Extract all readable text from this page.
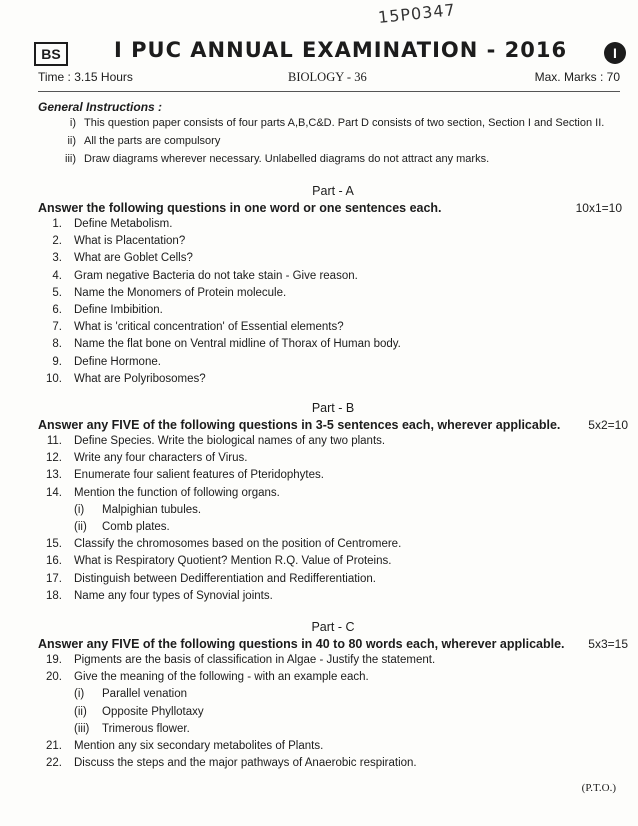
15P0347
BS	I PUC ANNUAL EXAMINATION - 2016	I
Time : 3.15 Hours	BIOLOGY - 36	Max. Marks : 70
General Instructions :
i) This question paper consists of four parts A,B,C&D. Part D consists of two section, Section I and Section II.
ii) All the parts are compulsory
iii) Draw diagrams wherever necessary. Unlabelled diagrams do not attract any marks.
Part - A
Answer the following questions in one word or one sentences each.	10x1=10
1. Define Metabolism.
2. What is Placentation?
3. What are Goblet Cells?
4. Gram negative Bacteria do not take stain - Give reason.
5. Name the Monomers of Protein molecule.
6. Define Imbibition.
7. What is 'critical concentration' of Essential elements?
8. Name the flat bone on Ventral midline of Thorax of Human body.
9. Define Hormone.
10. What are Polyribosomes?
Part - B
Answer any FIVE of the following questions in 3-5 sentences each, wherever applicable. 5x2=10
11. Define Species. Write the biological names of any two plants.
12. Write any four characters of Virus.
13. Enumerate four salient features of Pteridophytes.
14. Mention the function of following organs.
(i)	Malpighian tubules.
(ii) Comb plates.
15. Classify the chromosomes based on the position of Centromere.
16. What is Respiratory Quotient? Mention R.Q. Value of Proteins.
17. Distinguish between Dedifferentiation and Redifferentiation.
18. Name any four types of Synovial joints.
Part - C
Answer any FIVE of the following questions in 40 to 80 words each, wherever applicable. 5x3=15
19. Pigments are the basis of classification in Algae - Justify the statement.
20. Give the meaning of the following - with an example each.
(i)	Parallel venation
(ii) Opposite Phyllotaxy
(iii) Trimerous flower.
21. Mention any six secondary metabolites of Plants.
22. Discuss the steps and the major pathways of Anaerobic respiration.
(P.T.O.)
